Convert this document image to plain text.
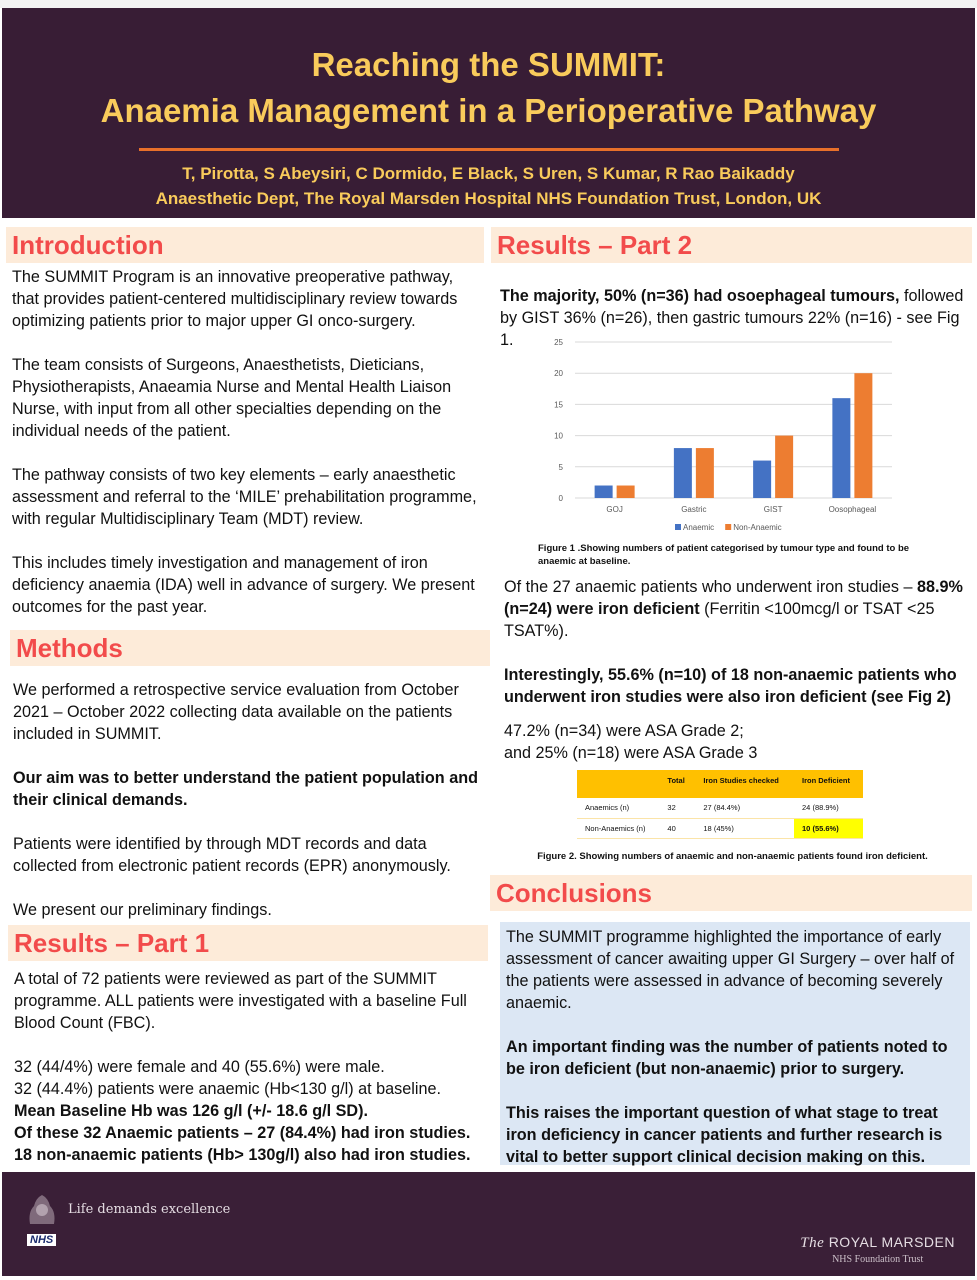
Reaching the SUMMIT:
Anaemia Management in a Perioperative Pathway
T, Pirotta, S Abeysiri, C Dormido, E Black, S Uren, S Kumar, R Rao Baikaddy
Anaesthetic Dept, The Royal Marsden Hospital NHS Foundation Trust, London, UK
Introduction

The SUMMIT Program is an innovative preoperative pathway, that provides patient-centered multidisciplinary review towards optimizing patients prior to major upper GI onco-surgery.

The team consists of Surgeons, Anaesthetists, Dieticians, Physiotherapists, Anaeamia Nurse and Mental Health Liaison Nurse, with input from all other specialties depending on the individual needs of the patient.

The pathway consists of two key elements – early anaesthetic assessment and referral to the ‘MILE’ prehabilitation programme, with regular Multidisciplinary Team (MDT) review.

This includes timely investigation and management of iron deficiency anaemia (IDA) well in advance of surgery. We present outcomes for the past year.

Methods

We performed a retrospective service evaluation from October 2021 – October 2022 collecting data available on the patients included in SUMMIT.

Our aim was to better understand the patient population and their clinical demands.

Patients were identified by through MDT records and data collected from electronic patient records (EPR) anonymously.

We present our preliminary findings.

Results – Part 1

A total of 72 patients were reviewed as part of the SUMMIT programme. ALL patients were investigated with a baseline Full Blood Count (FBC).

32 (44/4%) were female and 40 (55.6%) were male.
32 (44.4%) patients were anaemic (Hb<130 g/l) at baseline.
Mean Baseline Hb was 126 g/l (+/- 18.6 g/l SD).
Of these 32 Anaemic patients – 27 (84.4%) had iron studies.
18 non-anaemic patients (Hb> 130g/l) also had iron studies.
Results – Part 2
The majority, 50% (n=36) had osoephageal tumours, followed by GIST 36% (n=26), then gastric tumours 22% (n=16) - see Fig 1.
0
5
10
15
20
25
GOJ	Gastric	GIST	Oosophageal
Anaemic Non-Anaemic
Figure 1 .Showing numbers of patient categorised by tumour type and found to be anaemic at baseline.

Of the 27 anaemic patients who underwent iron studies – 88.9% (n=24) were iron deficient (Ferritin <100mcg/l or TSAT <25 TSAT%).

Interestingly, 55.6% (n=10) of 18 non-anaemic patients who underwent iron studies were also iron deficient (see Fig 2)

47.2% (n=34) were ASA Grade 2;
and 25% (n=18) were ASA Grade 3
	Total	Iron Studies checked	Iron Deficient
Anaemics (n)	32	27 (84.4%)	24 (88.9%)
Non-Anaemics (n)	40	18 (45%)	10 (55.6%)
Figure 2. Showing numbers of anaemic and non-anaemic patients found iron deficient.
Conclusions

The SUMMIT programme highlighted the importance of early assessment of cancer awaiting upper GI Surgery – over half of the patients were assessed in advance of becoming severely anaemic.

An important finding was the number of patients noted to be iron deficient (but non-anaemic) prior to surgery.

This raises the important question of what stage to treat iron deficiency in cancer patients and further research is vital to better support clinical decision making on this.

NHS
Life demands excellence
The ROYAL MARSDEN
NHS Foundation Trust
